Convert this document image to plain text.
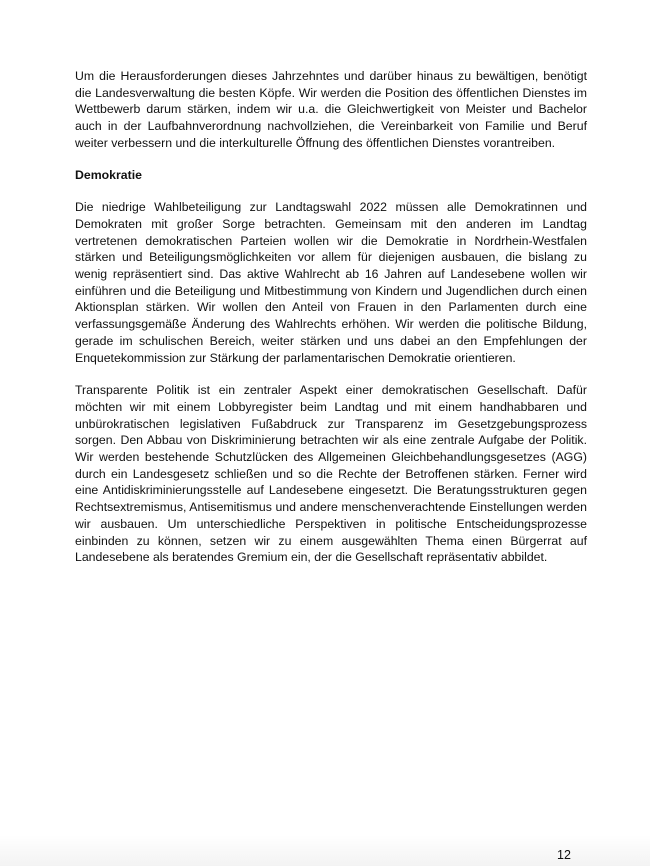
Um die Herausforderungen dieses Jahrzehntes und darüber hinaus zu bewältigen, benötigt die Landesverwaltung die besten Köpfe. Wir werden die Position des öffentlichen Dienstes im Wettbewerb darum stärken, indem wir u.a. die Gleichwertigkeit von Meister und Bachelor auch in der Laufbahnverordnung nachvollziehen, die Vereinbarkeit von Familie und Beruf weiter verbessern und die interkulturelle Öffnung des öffentlichen Dienstes vorantreiben.

Demokratie

Die niedrige Wahlbeteiligung zur Landtagswahl 2022 müssen alle Demokratinnen und Demokraten mit großer Sorge betrachten. Gemeinsam mit den anderen im Landtag vertretenen demokratischen Parteien wollen wir die Demokratie in Nordrhein-Westfalen stärken und Beteiligungsmöglichkeiten vor allem für diejenigen ausbauen, die bislang zu wenig repräsentiert sind. Das aktive Wahlrecht ab 16 Jahren auf Landesebene wollen wir einführen und die Beteiligung und Mitbestimmung von Kindern und Jugendlichen durch einen Aktionsplan stärken. Wir wollen den Anteil von Frauen in den Parlamenten durch eine verfassungsgemäße Änderung des Wahlrechts erhöhen. Wir werden die politische Bildung, gerade im schulischen Bereich, weiter stärken und uns dabei an den Empfehlungen der Enquetekommission zur Stärkung der parlamentarischen Demokratie orientieren.

Transparente Politik ist ein zentraler Aspekt einer demokratischen Gesellschaft. Dafür möchten wir mit einem Lobbyregister beim Landtag und mit einem handhabbaren und unbürokratischen legislativen Fußabdruck zur Transparenz im Gesetzgebungsprozess sorgen. Den Abbau von Diskriminierung betrachten wir als eine zentrale Aufgabe der Politik. Wir werden bestehende Schutzlücken des Allgemeinen Gleichbehandlungsgesetzes (AGG) durch ein Landesgesetz schließen und so die Rechte der Betroffenen stärken. Ferner wird eine Antidiskriminierungsstelle auf Landesebene eingesetzt. Die Beratungsstrukturen gegen Rechtsextremismus, Antisemitismus und andere menschenverachtende Einstellungen werden wir ausbauen. Um unterschiedliche Perspektiven in politische Entscheidungsprozesse einbinden zu können, setzen wir zu einem ausgewählten Thema einen Bürgerrat auf Landesebene als beratendes Gremium ein, der die Gesellschaft repräsentativ abbildet.

12
